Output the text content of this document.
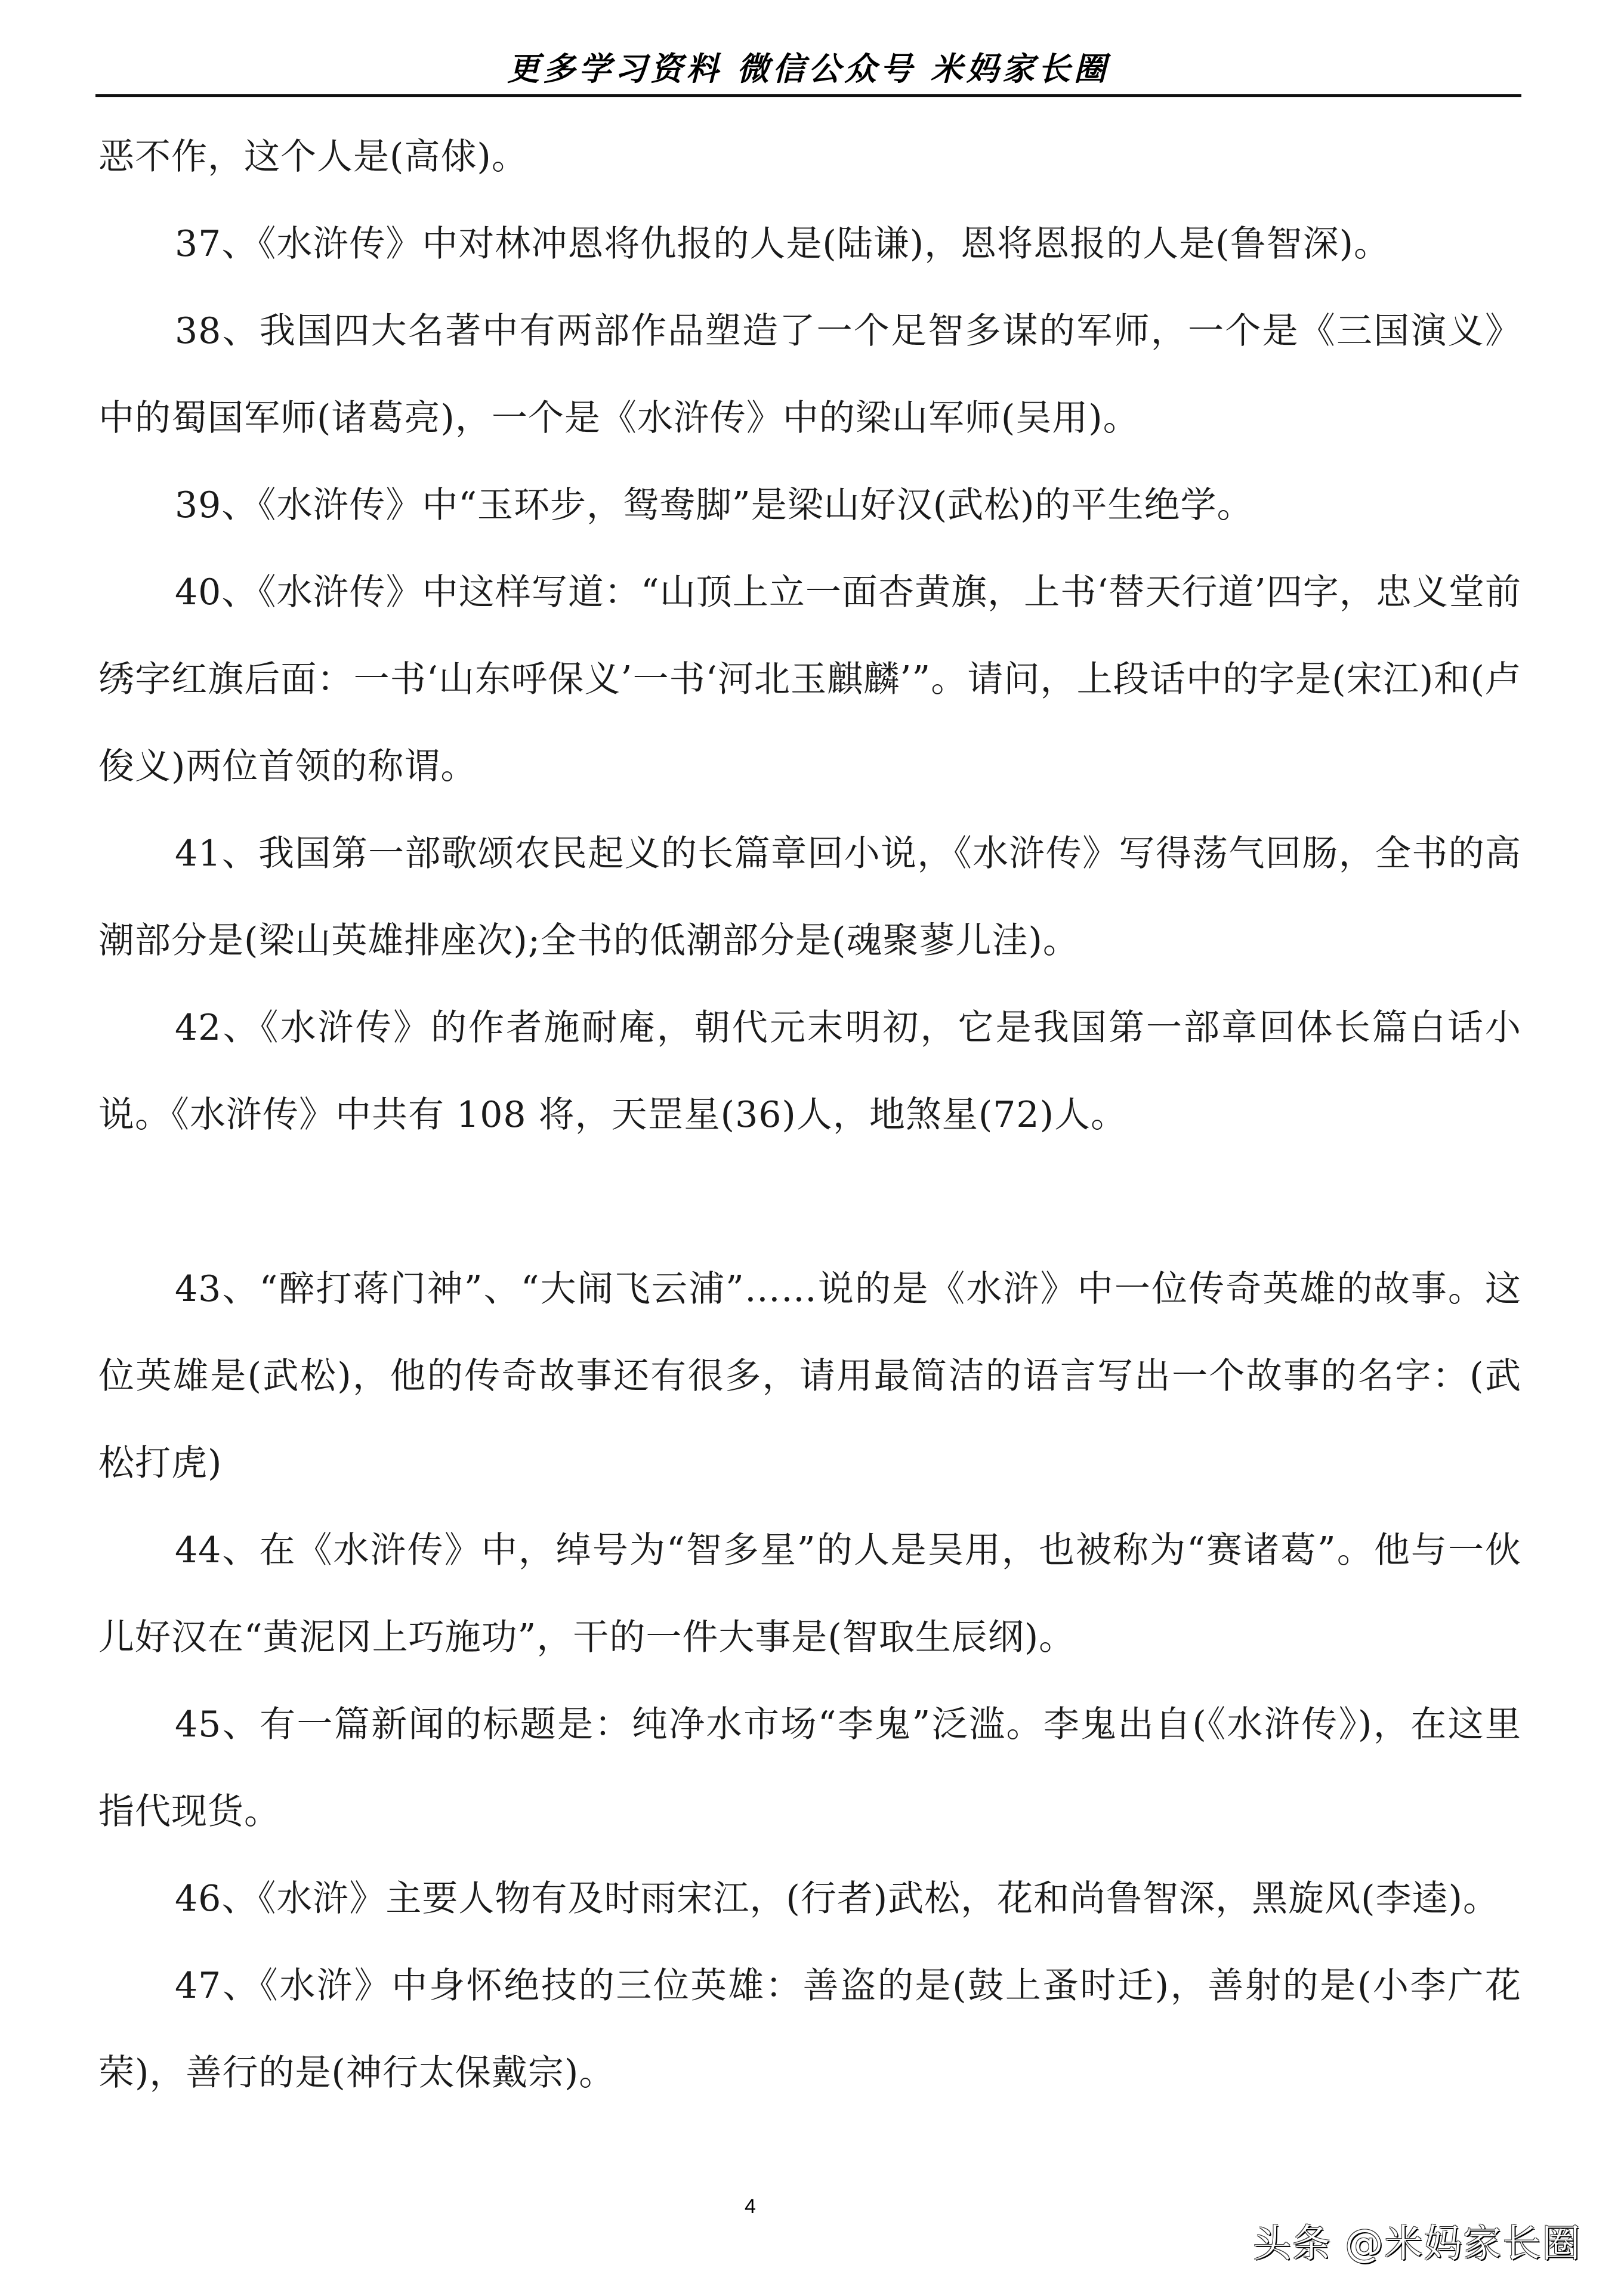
更多学习资料 微信公众号 米妈家长圈

恶不作，这个人是(高俅)。

37、《水浒传》中对林冲恩将仇报的人是(陆谦)，恩将恩报的人是(鲁智深)。

38、我国四大名著中有两部作品塑造了一个足智多谋的军师，一个是《三国演义》中的蜀国军师(诸葛亮)，一个是《水浒传》中的梁山军师(吴用)。

39、《水浒传》中“玉环步，鸳鸯脚”是梁山好汉(武松)的平生绝学。

40、《水浒传》中这样写道：“山顶上立一面杏黄旗，上书‘替天行道’四字，忠义堂前绣字红旗后面：一书‘山东呼保义’一书‘河北玉麒麟’”。请问，上段话中的字是(宋江)和(卢俊义)两位首领的称谓。

41、我国第一部歌颂农民起义的长篇章回小说，《水浒传》写得荡气回肠，全书的高潮部分是(梁山英雄排座次);全书的低潮部分是(魂聚蓼儿洼)。

42、《水浒传》的作者施耐庵，朝代元末明初，它是我国第一部章回体长篇白话小说。《水浒传》中共有 108 将，天罡星(36)人，地煞星(72)人。

43、“醉打蒋门神”、“大闹飞云浦”……说的是《水浒》中一位传奇英雄的故事。这位英雄是(武松)，他的传奇故事还有很多，请用最简洁的语言写出一个故事的名字：(武松打虎)

44、在《水浒传》中，绰号为“智多星”的人是吴用，也被称为“赛诸葛”。他与一伙儿好汉在“黄泥冈上巧施功”，干的一件大事是(智取生辰纲)。

45、有一篇新闻的标题是：纯净水市场“李鬼”泛滥。李鬼出自(《水浒传》)，在这里指代现货。

46、《水浒》主要人物有及时雨宋江，(行者)武松，花和尚鲁智深，黑旋风(李逵)。

47、《水浒》中身怀绝技的三位英雄：善盗的是(鼓上蚤时迁)，善射的是(小李广花荣)，善行的是(神行太保戴宗)。

4
头条 @米妈家长圈
